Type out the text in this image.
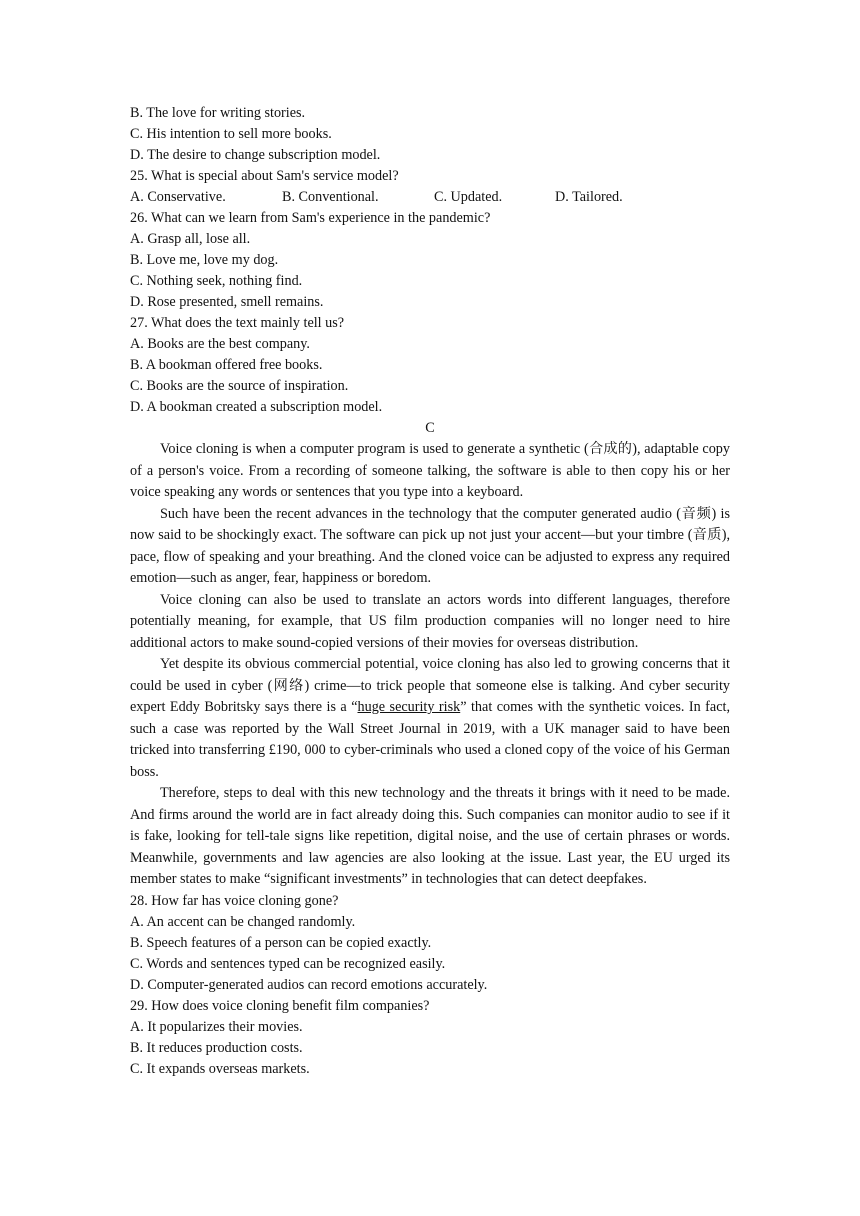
B. The love for writing stories.
C. His intention to sell more books.
D. The desire to change subscription model.
25. What is special about Sam's service model?
A. Conservative.	B. Conventional.	C. Updated.	D. Tailored.
26. What can we learn from Sam's experience in the pandemic?
A. Grasp all, lose all.
B. Love me, love my dog.
C. Nothing seek, nothing find.
D. Rose presented, smell remains.
27. What does the text mainly tell us?
A. Books are the best company.
B. A bookman offered free books.
C. Books are the source of inspiration.
D. A bookman created a subscription model.
C

Voice cloning is when a computer program is used to generate a synthetic (合成的), adaptable copy of a person's voice. From a recording of someone talking, the software is able to then copy his or her voice speaking any words or sentences that you type into a keyboard.

Such have been the recent advances in the technology that the computer generated audio (音频) is now said to be shockingly exact. The software can pick up not just your accent—but your timbre (音质), pace, flow of speaking and your breathing. And the cloned voice can be adjusted to express any required emotion—such as anger, fear, happiness or boredom.

Voice cloning can also be used to translate an actors words into different languages, therefore potentially meaning, for example, that US film production companies will no longer need to hire additional actors to make sound-copied versions of their movies for overseas distribution.

Yet despite its obvious commercial potential, voice cloning has also led to growing concerns that it could be used in cyber (网络) crime—to trick people that someone else is talking. And cyber security expert Eddy Bobritsky says there is a “huge security risk” that comes with the synthetic voices. In fact, such a case was reported by the Wall Street Journal in 2019, with a UK manager said to have been tricked into transferring £190, 000 to cyber-criminals who used a cloned copy of the voice of his German boss.

Therefore, steps to deal with this new technology and the threats it brings with it need to be made. And firms around the world are in fact already doing this. Such companies can monitor audio to see if it is fake, looking for tell-tale signs like repetition, digital noise, and the use of certain phrases or words. Meanwhile, governments and law agencies are also looking at the issue. Last year, the EU urged its member states to make “significant investments” in technologies that can detect deepfakes.

28. How far has voice cloning gone?
A. An accent can be changed randomly.
B. Speech features of a person can be copied exactly.
C. Words and sentences typed can be recognized easily.
D. Computer-generated audios can record emotions accurately.
29. How does voice cloning benefit film companies?
A. It popularizes their movies.
B. It reduces production costs.
C. It expands overseas markets.
